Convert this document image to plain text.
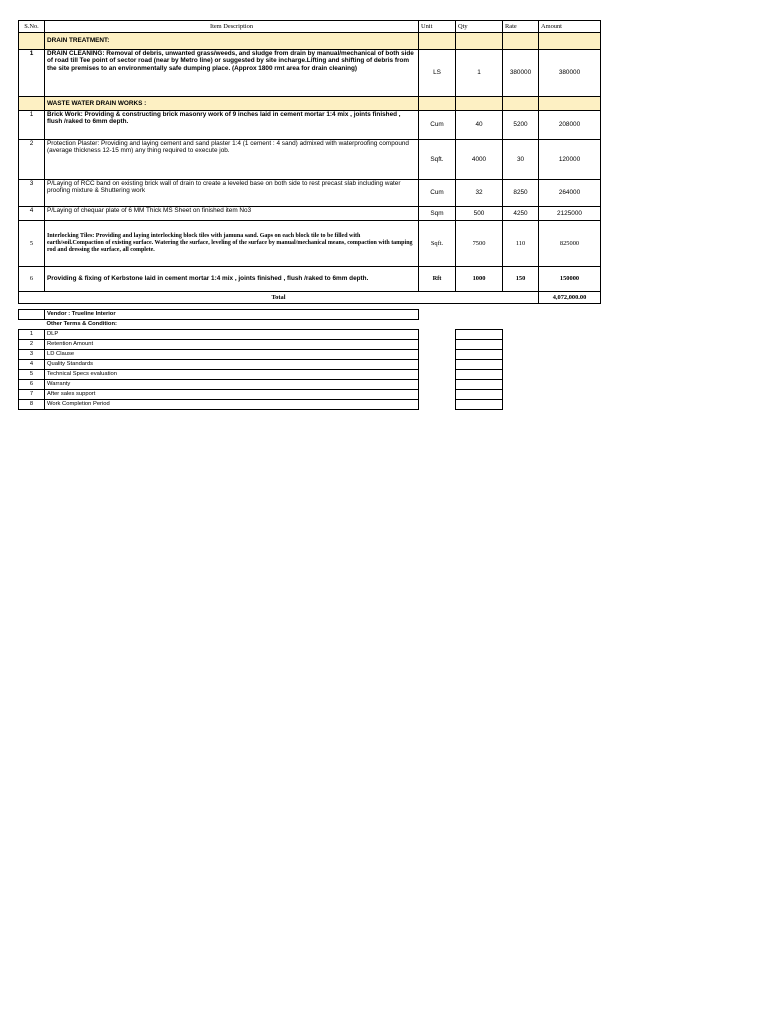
S.No.	Item Description	Unit	Qty	Rate	Amount
	DRAIN TREATMENT:				
1	DRAIN CLEANING: Removal of debris, unwanted grass/weeds, and sludge from drain by manual/mechanical of both side of road till Tee point of sector road (near by Metro line) or suggested by site incharge.Lifting and shifting of debris from the site premises to an environmentally safe dumping place. (Approx 1800 rmt area for drain cleaning)	LS	1	380000	380000
	WASTE WATER DRAIN WORKS :				
1	Brick Work: Providing & constructing brick masonry work of 9 inches laid in cement mortar 1:4 mix , joints finished , flush /raked to 6mm depth.	Cum	40	5200	208000
2	Protection Plaster: Providing and laying cement and sand plaster 1:4 (1 cement : 4 sand) admixed with waterproofing compound (average thickness 12-15 mm) any thing required to execute job.	Sqft.	4000	30	120000
3	P/Laying of RCC band on existing brick wall of drain to create a leveled base on both side to rest precast slab including water proofing mixture & Shuttering work	Cum	32	8250	264000
4	P/Laying of chequar plate of 6 MM Thick MS Sheet on finished item No3	Sqm	500	4250	2125000
5	Interlocking Tiles: Providing and laying interlocking block tiles with jamuna sand. Gaps on each block tile to be filled with earth/soil.Compaction of existing surface. Watering the surface, leveling of the surface by manual/mechanical means, compaction with tamping rod and dressing the surface, all complete.	Sqft.	7500	110	825000
6	Providing & fixing of Kerbstone laid in cement mortar 1:4 mix , joints finished , flush /raked to 6mm depth.	Rft	1000	150	150000
Total					4,072,000.00
	Vendor : Trueline Interior		
	Other Terms & Condition:		
1	DLP		
2	Retention Amount		
3	LD Clause		
4	Quality Standards		
5	Technical Specs evaluation		
6	Warranty		
7	After sales support		
8	Work Completion Period		
